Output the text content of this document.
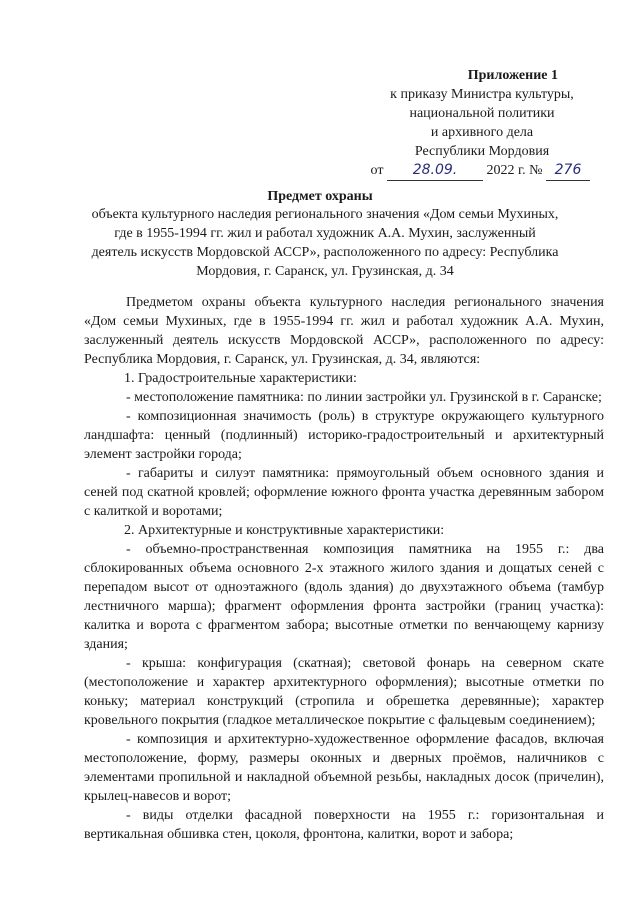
Приложение 1
к приказу Министра культуры,
национальной политики
и архивного дела
Республики Мордовия
от 28.09. 2022 г. № 276
Предмет охраны
объекта культурного наследия регионального значения «Дом семьи Мухиных, где в 1955-1994 гг. жил и работал художник А.А. Мухин, заслуженный деятель искусств Мордовской АССР», расположенного по адресу: Республика Мордовия, г. Саранск, ул. Грузинская, д. 34

Предметом охраны объекта культурного наследия регионального значения «Дом семьи Мухиных, где в 1955-1994 гг. жил и работал художник А.А. Мухин, заслуженный деятель искусств Мордовской АССР», расположенного по адресу: Республика Мордовия, г. Саранск, ул. Грузинская, д. 34, являются:

1. Градостроительные характеристики:

- местоположение памятника: по линии застройки ул. Грузинской в г. Саранске;

- композиционная значимость (роль) в структуре окружающего культурного ландшафта: ценный (подлинный) историко-градостроительный и архитектурный элемент застройки города;

- габариты и силуэт памятника: прямоугольный объем основного здания и сеней под скатной кровлей; оформление южного фронта участка деревянным забором с калиткой и воротами;

2. Архитектурные и конструктивные характеристики:

- объемно-пространственная композиция памятника на 1955 г.: два сблокированных объема основного 2-х этажного жилого здания и дощатых сеней с перепадом высот от одноэтажного (вдоль здания) до двухэтажного объема (тамбур лестничного марша); фрагмент оформления фронта застройки (границ участка): калитка и ворота с фрагментом забора; высотные отметки по венчающему карнизу здания;

- крыша: конфигурация (скатная); световой фонарь на северном скате (местоположение и характер архитектурного оформления); высотные отметки по коньку; материал конструкций (стропила и обрешетка деревянные); характер кровельного покрытия (гладкое металлическое покрытие с фальцевым соединением);

- композиция и архитектурно-художественное оформление фасадов, включая местоположение, форму, размеры оконных и дверных проёмов, наличников с элементами пропильной и накладной объемной резьбы, накладных досок (причелин), крылец-навесов и ворот;

- виды отделки фасадной поверхности на 1955 г.: горизонтальная и вертикальная обшивка стен, цоколя, фронтона, калитки, ворот и забора;
